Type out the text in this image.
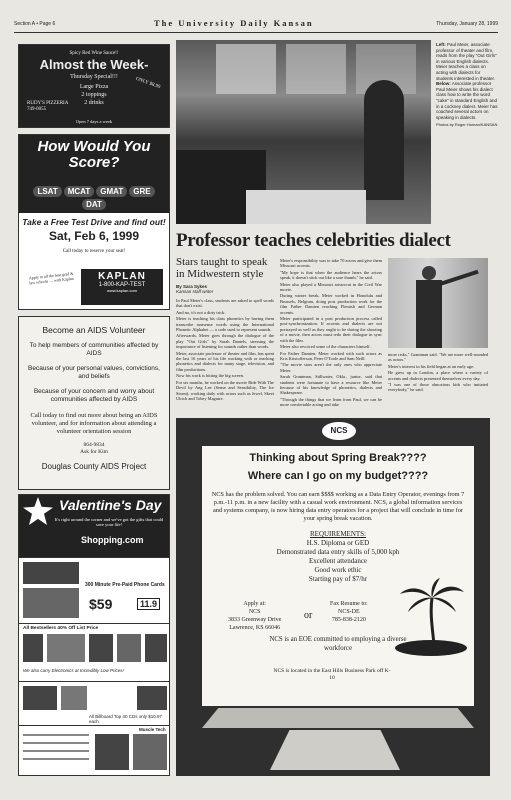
Section A • Page 6	The University Daily Kansan	Thursday, January 28, 1999
Spicy Red Wine Sauce!!
Almost the Week-
Thursday Special!!!
Large Pizza
2 toppings
2 drinks
RUDY'S PIZZERIA
749-0055
ONLY $8.99
Open 7 days a week
How Would You Score?
LSAT	MCAT	GMAT	GRE
DAT
Take a Free Test Drive and find out!
Sat, Feb 6, 1999
Call today to reserve your seat!
Apply to all the best grad & law schools — with Kaplan	KAPLAN
1-800-KAP-TEST
www.kaplan.com
Become an AIDS Volunteer

To help members of communities affected by AIDS

Because of your personal values, convictions, and beliefs

Because of your concern and worry about communities affected by AIDS

Call today to find out more about being an AIDS volunteer, and for information about attending a volunteer orientation session
864-9834
Ask for Kim
Douglas County AIDS Project
Valentine's Day
It's right around the corner and we've got the gifts that could save your life!
Shopping.com
300 Minute Pre-Paid Phone Cards
$59	11.9
All Bestsellers 40% Off List Price
We also carry Electronics at Incredibly Low Prices!
All Billboard Top 40 CDs only $10.97 each
Muscle Tech
Left: Paul Meier, associate professor of theater and film, reads from the play "Out Girls" in various English dialects. Meier teaches a class on acting with dialects for students interested in theater. Below: Associate professor Paul Meier shows his dialect class how to write the word "cake" in standard English and in a cockney dialect. Meier has coached several actors on speaking in dialects.
Photos by Roger Human/KANSAN
Professor teaches celebrities dialect
Stars taught to speak in Midwestern style
By Sara Sykes
Kansan staff writer

In Paul Meier's class, students are asked to spell words that don't exist.

And no, it's not a dirty trick.

Meier is teaching his class phonetics by having them transcribe nonsense words using the International Phonetic Alphabet — a code used to represent sounds.

Afterwards, Meier goes through the dialogue of the play "Out Girls" by Sarah Daniels, stressing the importance of listening for sounds rather than words.

Meier, associate professor of theater and film, has spent the last 16 years of his life working with or teaching phonetics and dialects for many stage, television, and film productions.

Now his work is hitting the big screen.

For six months, he worked on the movie Ride With The Devil by Ang Lee (Sense and Sensibility, The Ice Storm), working daily with actors such as Jewel, Skeet Ulrich and Tobey Maguire.

Meier's responsibility was to take 70 actors and give them Missouri accents.

"My hope is that when the audience hears the actors speak, it doesn't stick out like a sore thumb," he said.

Meier also played a Missouri aristocrat in the Civil War movie.

During winter break, Meier worked in Honolulu and Brussels, Belgium, doing post production work for the film Father Damien reaching Flemish and German accents.

Meier participated in a post production process called post-synchronization. If accents and dialects are not portrayed as well as they ought to be during the shooting of a movie, then actors must redo their dialogue in sync with the film.

Meier also revoiced some of the characters himself.

For Father Damien, Meier worked with such actors as Kris Kristofferson, Peter O'Toole and Sam Neill.

"The movie stars aren't the only ones who appreciate Meier.

Sarah Grantman, Stillwater, Okla., junior, said that students were fortunate to have a resource like Meier because of his knowledge of phonetics, dialects and Shakespeare.

"Through the things that we learn from Paul, we can be more comfortable acting and take

more risks," Grantman said. "We are more well-rounded as actors."

Meier's interest in his field began at an early age.

He grew up in London, a place where a variety of accents and dialects presented themselves every day.

"I was one of those obnoxious kids who imitated everybody," he said.

NCS
Thinking about Spring Break????
Where can I go on my budget????
NCS has the problem solved. You can earn $$$$ working as a Data Entry Operator, evenings from 7 p.m.-11 p.m. in a new facility with a casual work environment. NCS, a global information services and systems company, is now hiring data entry operators for a project that will conclude in time for your spring break vacation.
REQUIREMENTS:
H.S. Diploma or GED
Demonstrated data entry skills of 5,000 kph
Excellent attendance
Good work ethic
Starting pay of $7/hr
Apply at:
NCS
3833 Greenway Drive
Lawrence, KS 66046
or
Fax Resume to:
NCS-DE
785-838-2120
NCS is an EOE committed to employing a diverse workforce
NCS is located in the East Hills Business Park off K-10
